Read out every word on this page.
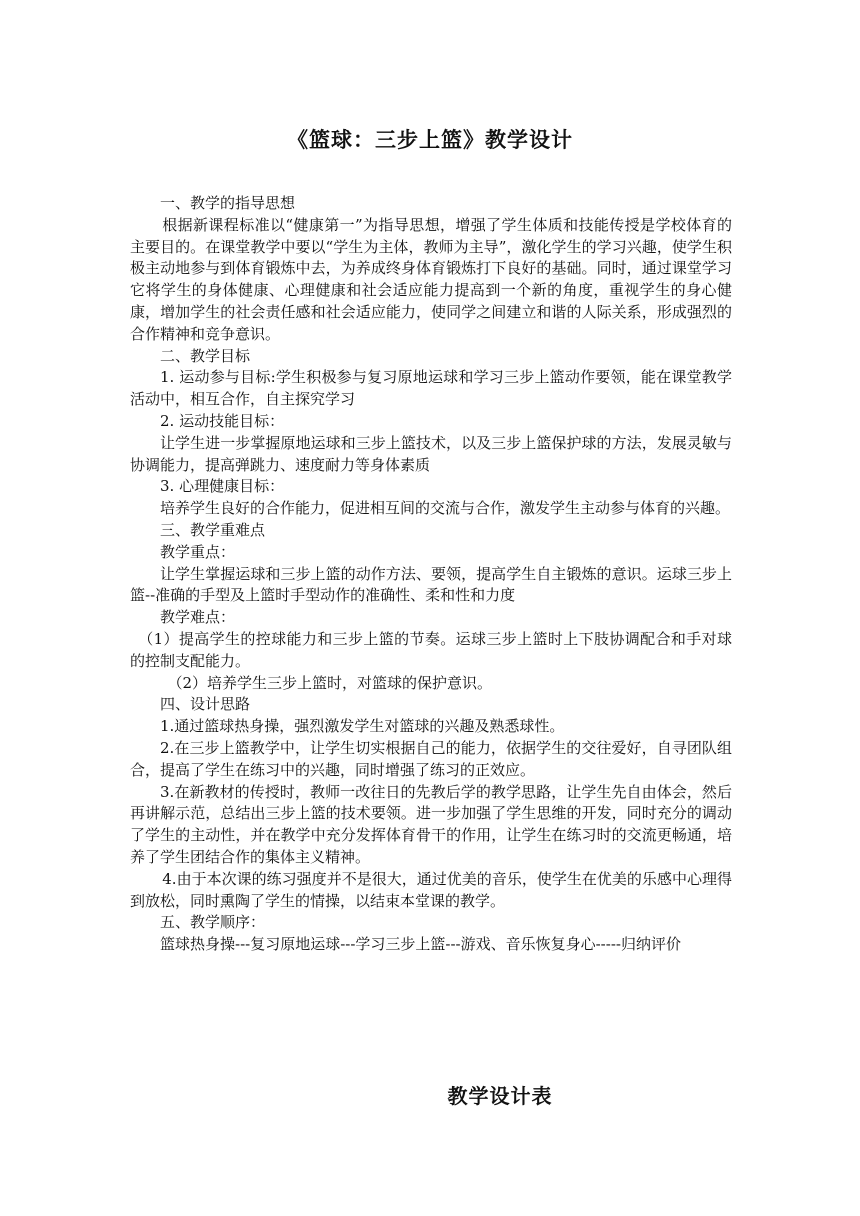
《篮球：三步上篮》教学设计

一、教学的指导思想

根据新课程标准以“健康第一”为指导思想，增强了学生体质和技能传授是学校体育的主要目的。在课堂教学中要以“学生为主体，教师为主导”，激化学生的学习兴趣，使学生积极主动地参与到体育锻炼中去，为养成终身体育锻炼打下良好的基础。同时，通过课堂学习它将学生的身体健康、心理健康和社会适应能力提高到一个新的角度，重视学生的身心健康，增加学生的社会责任感和社会适应能力，使同学之间建立和谐的人际关系，形成强烈的合作精神和竞争意识。

二、教学目标

1. 运动参与目标:学生积极参与复习原地运球和学习三步上篮动作要领，能在课堂教学活动中，相互合作，自主探究学习

2. 运动技能目标：

让学生进一步掌握原地运球和三步上篮技术，以及三步上篮保护球的方法，发展灵敏与协调能力，提高弹跳力、速度耐力等身体素质

3. 心理健康目标：

培养学生良好的合作能力，促进相互间的交流与合作，激发学生主动参与体育的兴趣。

三、教学重难点

教学重点：

让学生掌握运球和三步上篮的动作方法、要领，提高学生自主锻炼的意识。运球三步上篮--准确的手型及上篮时手型动作的准确性、柔和性和力度

教学难点：

（1）提高学生的控球能力和三步上篮的节奏。运球三步上篮时上下肢协调配合和手对球的控制支配能力。

（2）培养学生三步上篮时，对篮球的保护意识。

四、设计思路

1.通过篮球热身操，强烈激发学生对篮球的兴趣及熟悉球性。

2.在三步上篮教学中，让学生切实根据自己的能力，依据学生的交往爱好，自寻团队组合，提高了学生在练习中的兴趣，同时增强了练习的正效应。

3.在新教材的传授时，教师一改往日的先教后学的教学思路，让学生先自由体会，然后再讲解示范，总结出三步上篮的技术要领。进一步加强了学生思维的开发，同时充分的调动了学生的主动性，并在教学中充分发挥体育骨干的作用，让学生在练习时的交流更畅通，培养了学生团结合作的集体主义精神。

4.由于本次课的练习强度并不是很大，通过优美的音乐，使学生在优美的乐感中心理得到放松，同时熏陶了学生的情操，以结束本堂课的教学。

五、教学顺序：

篮球热身操---复习原地运球---学习三步上篮---游戏、音乐恢复身心-----归纳评价

教学设计表
